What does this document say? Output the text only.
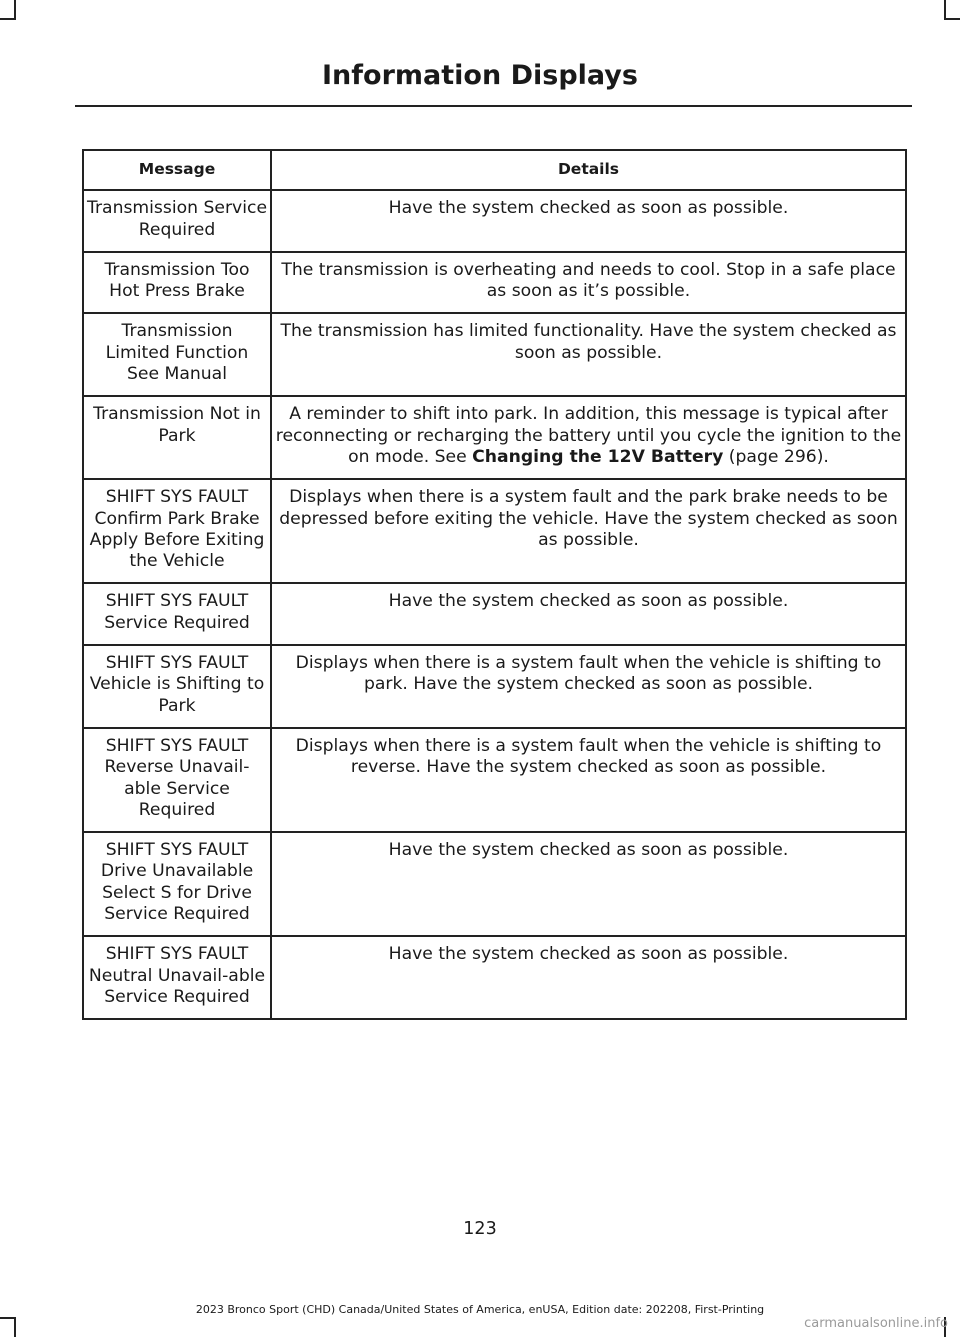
Information Displays
Message	Details
Transmission Service Required	Have the system checked as soon as possible.
Transmission Too Hot Press Brake	The transmission is overheating and needs to cool. Stop in a safe place as soon as it’s possible.
Transmission Limited Function See Manual	The transmission has limited functionality. Have the system checked as soon as possible.
Transmission Not in Park	A reminder to shift into park. In addition, this message is typical after reconnecting or recharging the battery until you cycle the ignition to the on mode. See Changing the 12V Battery (page 296).
SHIFT SYS FAULT Confirm Park Brake Apply Before Exiting the Vehicle	Displays when there is a system fault and the park brake needs to be depressed before exiting the vehicle. Have the system checked as soon as possible.
SHIFT SYS FAULT Service Required	Have the system checked as soon as possible.
SHIFT SYS FAULT Vehicle is Shifting to Park	Displays when there is a system fault when the vehicle is shifting to park. Have the system checked as soon as possible.
SHIFT SYS FAULT Reverse Unavail-able Service Required	Displays when there is a system fault when the vehicle is shifting to reverse. Have the system checked as soon as possible.
SHIFT SYS FAULT Drive Unavailable Select S for Drive Service Required	Have the system checked as soon as possible.
SHIFT SYS FAULT Neutral Unavail-able Service Required	Have the system checked as soon as possible.
123
2023 Bronco Sport (CHD) Canada/United States of America, enUSA, Edition date: 202208, First-Printing
carmanualsonline.info
